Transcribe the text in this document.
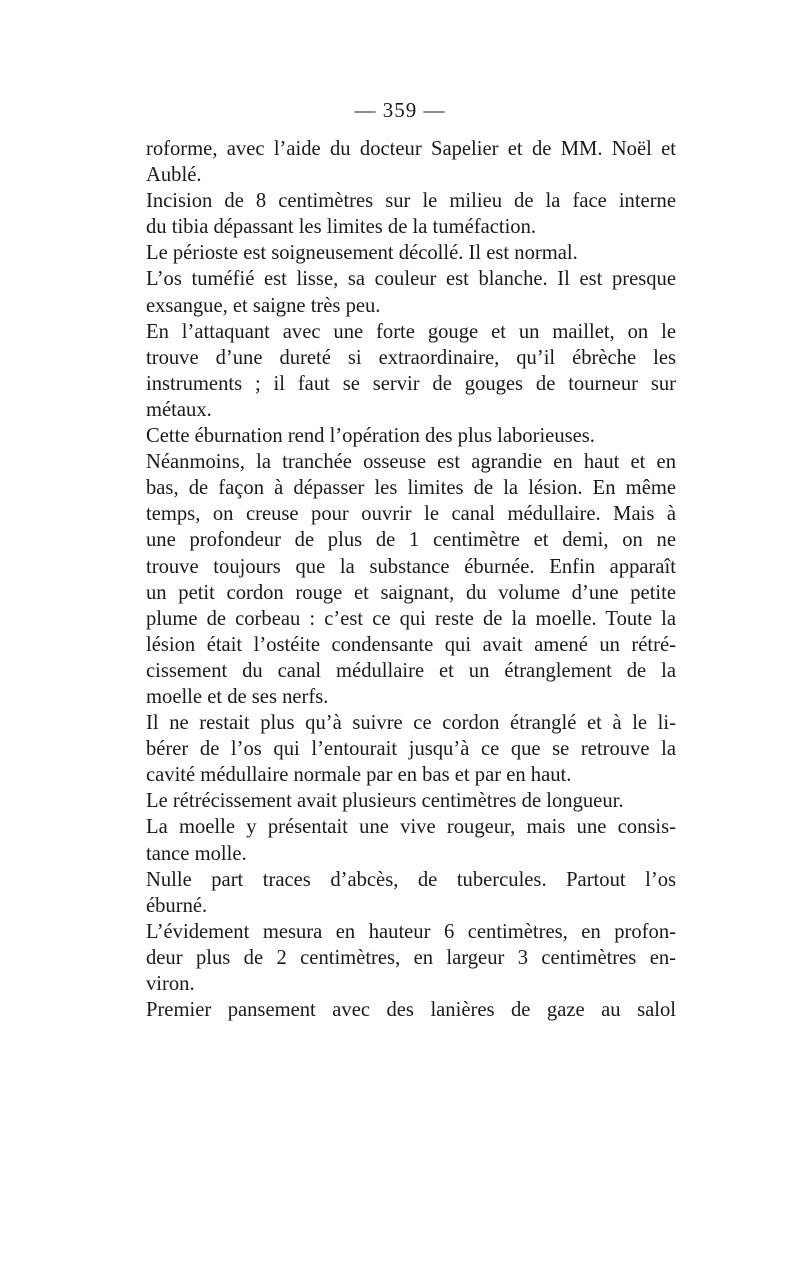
— 359 —
roforme, avec l’aide du docteur Sapelier et de MM. Noël et
Aublé.
Incision de 8 centimètres sur le milieu de la face interne
du tibia dépassant les limites de la tuméfaction.
Le périoste est soigneusement décollé. Il est normal.
L’os tuméfié est lisse, sa couleur est blanche. Il est presque
exsangue, et saigne très peu.
En l’attaquant avec une forte gouge et un maillet, on le
trouve d’une dureté si extraordinaire, qu’il ébrèche les
instruments ; il faut se servir de gouges de tourneur sur
métaux.
Cette éburnation rend l’opération des plus laborieuses.
Néanmoins, la tranchée osseuse est agrandie en haut et en
bas, de façon à dépasser les limites de la lésion. En même
temps, on creuse pour ouvrir le canal médullaire. Mais à
une profondeur de plus de 1 centimètre et demi, on ne
trouve toujours que la substance éburnée. Enfin apparaît
un petit cordon rouge et saignant, du volume d’une petite
plume de corbeau : c’est ce qui reste de la moelle. Toute la
lésion était l’ostéite condensante qui avait amené un rétré-
cissement du canal médullaire et un étranglement de la
moelle et de ses nerfs.
Il ne restait plus qu’à suivre ce cordon étranglé et à le li-
bérer de l’os qui l’entourait jusqu’à ce que se retrouve la
cavité médullaire normale par en bas et par en haut.
Le rétrécissement avait plusieurs centimètres de longueur.
La moelle y présentait une vive rougeur, mais une consis-
tance molle.
Nulle part traces d’abcès, de tubercules. Partout l’os
éburné.
L’évidement mesura en hauteur 6 centimètres, en profon-
deur plus de 2 centimètres, en largeur 3 centimètres en-
viron.
Premier pansement avec des lanières de gaze au salol
